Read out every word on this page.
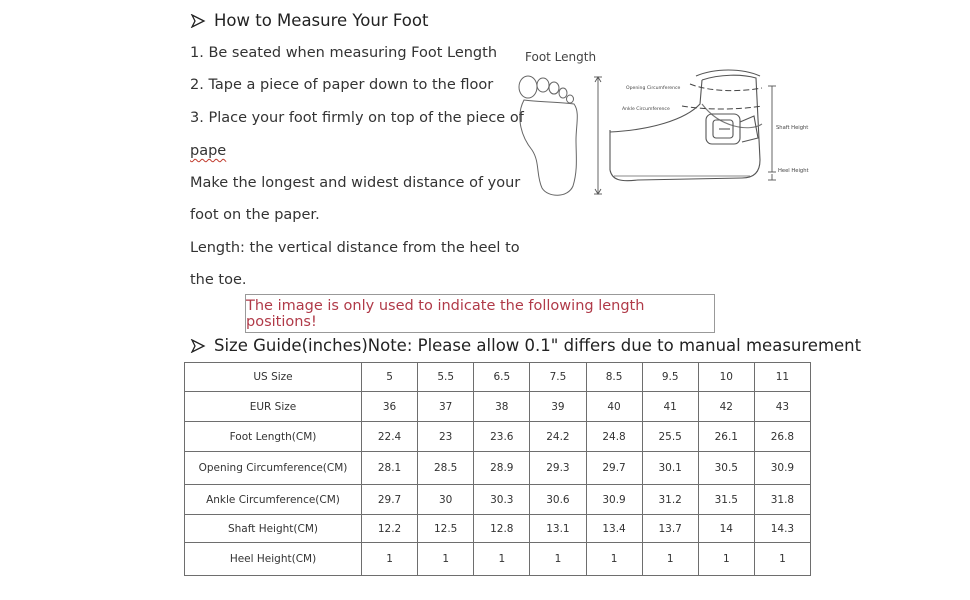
How to Measure Your Foot
1. Be seated when measuring Foot Length
2. Tape a piece of paper down to the floor
3. Place your foot firmly on top of the piece of
pape
Make the longest and widest distance of your
foot on the paper.
Length: the vertical distance from the heel to
the toe.
Foot Length
Opening Circumference
Ankle Circumference
Shaft Height
Heel Height
The image is only used to indicate the following length positions!
Size Guide(inches)Note: Please allow 0.1" differs due to manual measurement
US Size	5	5.5	6.5	7.5	8.5	9.5	10	11
EUR Size	36	37	38	39	40	41	42	43
Foot Length(CM)	22.4	23	23.6	24.2	24.8	25.5	26.1	26.8
Opening Circumference(CM)	28.1	28.5	28.9	29.3	29.7	30.1	30.5	30.9
Ankle Circumference(CM)	29.7	30	30.3	30.6	30.9	31.2	31.5	31.8
Shaft Height(CM)	12.2	12.5	12.8	13.1	13.4	13.7	14	14.3
Heel Height(CM)	1	1	1	1	1	1	1	1
